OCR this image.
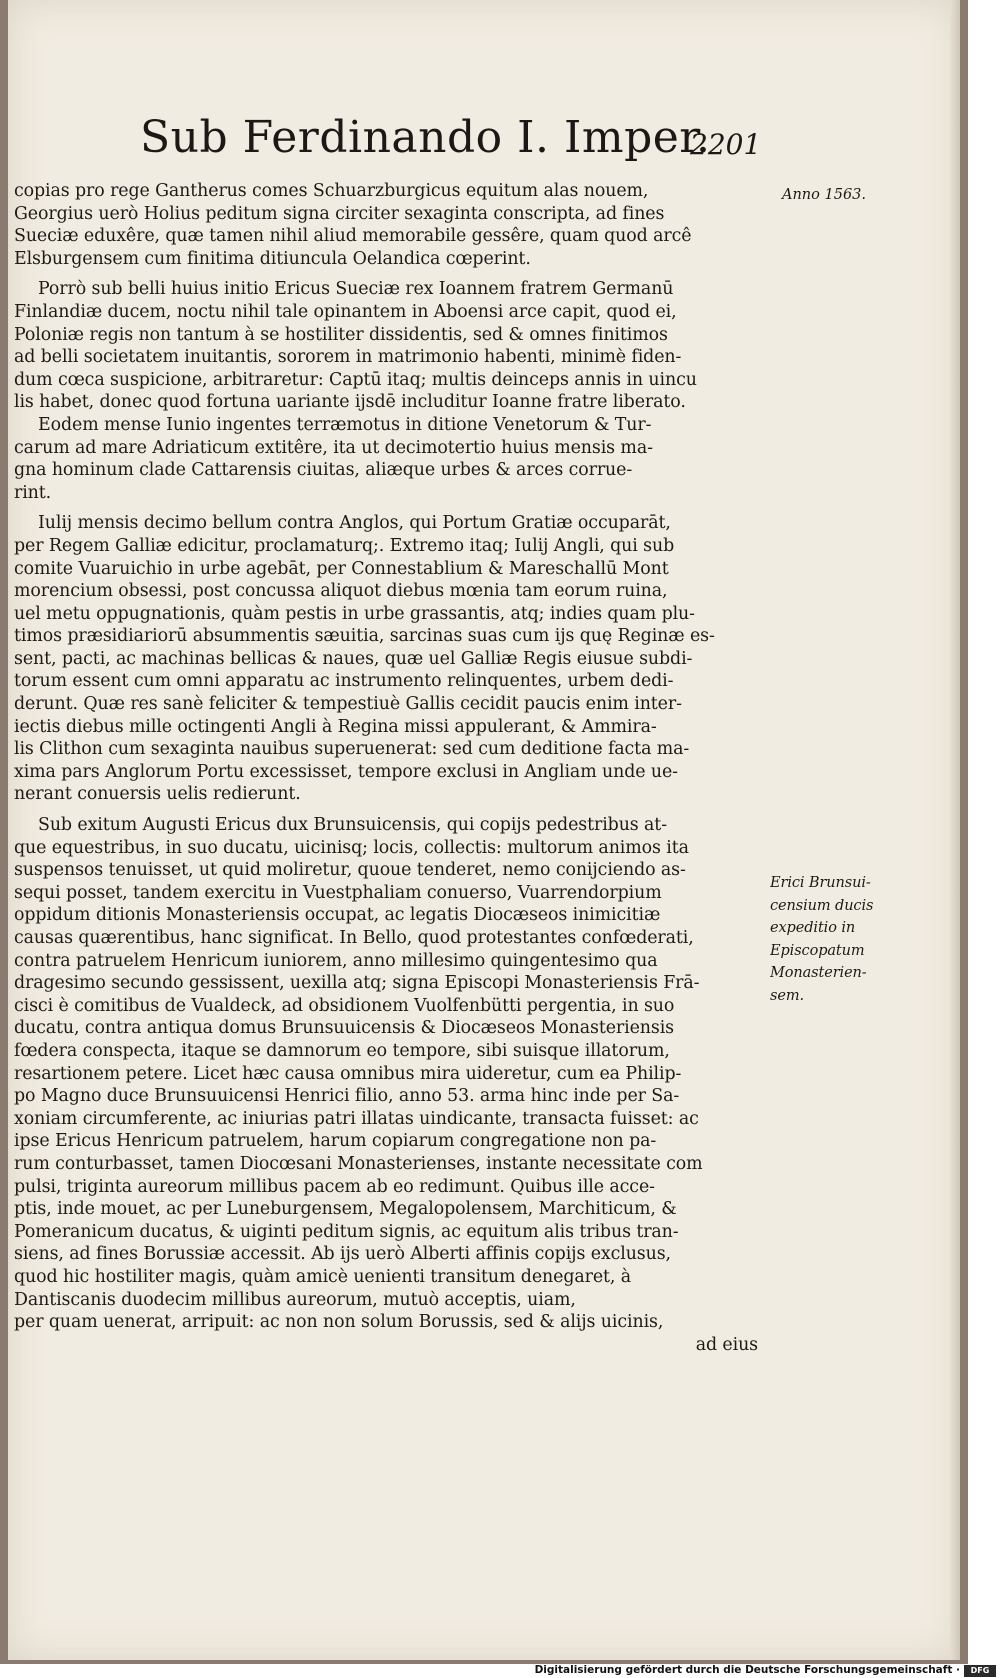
Sub Ferdinando I. Imper.
2201
Anno 1563.
Erici Brunsui-
censium ducis
expeditio in
Episcopatum
Monasterien-
sem.
copias pro rege Gantherus comes Schuarzburgicus equitum alas nouem,
Georgius uerò Holius peditum signa circiter sexaginta conscripta, ad fines
Sueciæ eduxêre, quæ tamen nihil aliud memorabile gessêre, quam quod arcê
Elsburgensem cum finitima ditiuncula Oelandica cœperint.
Porrò sub belli huius initio Ericus Sueciæ rex Ioannem fratrem Germanū
Finlandiæ ducem, noctu nihil tale opinantem in Aboensi arce capit, quod ei,
Poloniæ regis non tantum à se hostiliter dissidentis, sed & omnes finitimos
ad belli societatem inuitantis, sororem in matrimonio habenti, minimè fiden-
dum cœca suspicione, arbitraretur: Captū itaq; multis deinceps annis in uincu
lis habet, donec quod fortuna uariante ijsdē includitur Ioanne fratre liberato.
Eodem mense Iunio ingentes terræmotus in ditione Venetorum & Tur-
carum ad mare Adriaticum extitêre, ita ut decimotertio huius mensis ma-
gna hominum clade Cattarensis ciuitas, aliæque urbes & arces corrue-
rint.
Iulij mensis decimo bellum contra Anglos, qui Portum Gratiæ occuparāt,
per Regem Galliæ edicitur, proclamaturq;. Extremo itaq; Iulij Angli, qui sub
comite Vuaruichio in urbe agebāt, per Connestablium & Mareschallū Mont
morencium obsessi, post concussa aliquot diebus mœnia tam eorum ruina,
uel metu oppugnationis, quàm pestis in urbe grassantis, atq; indies quam plu-
timos præsidiariorū absummentis sæuitia, sarcinas suas cum ijs quę Reginæ es-
sent, pacti, ac machinas bellicas & naues, quæ uel Galliæ Regis eiusue subdi-
torum essent cum omni apparatu ac instrumento relinquentes, urbem dedi-
derunt. Quæ res sanè feliciter & tempestiuè Gallis cecidit paucis enim inter-
iectis diebus mille octingenti Angli à Regina missi appulerant, & Ammira-
lis Clithon cum sexaginta nauibus superuenerat: sed cum deditione facta ma-
xima pars Anglorum Portu excessisset, tempore exclusi in Angliam unde ue-
nerant conuersis uelis redierunt.
Sub exitum Augusti Ericus dux Brunsuicensis, qui copijs pedestribus at-
que equestribus, in suo ducatu, uicinisq; locis, collectis: multorum animos ita
suspensos tenuisset, ut quid moliretur, quoue tenderet, nemo conijciendo as-
sequi posset, tandem exercitu in Vuestphaliam conuerso, Vuarrendorpium
oppidum ditionis Monasteriensis occupat, ac legatis Diocæseos inimicitiæ
causas quærentibus, hanc significat. In Bello, quod protestantes confœderati,
contra patruelem Henricum iuniorem, anno millesimo quingentesimo qua
dragesimo secundo gessissent, uexilla atq; signa Episcopi Monasteriensis Frā-
cisci è comitibus de Vualdeck, ad obsidionem Vuolfenbütti pergentia, in suo
ducatu, contra antiqua domus Brunsuuicensis & Diocæseos Monasteriensis
fœdera conspecta, itaque se damnorum eo tempore, sibi suisque illatorum,
resartionem petere. Licet hæc causa omnibus mira uideretur, cum ea Philip-
po Magno duce Brunsuuicensi Henrici filio, anno 53. arma hinc inde per Sa-
xoniam circumferente, ac iniurias patri illatas uindicante, transacta fuisset: ac
ipse Ericus Henricum patruelem, harum copiarum congregatione non pa-
rum conturbasset, tamen Diocœsani Monasterienses, instante necessitate com
pulsi, triginta aureorum millibus pacem ab eo redimunt. Quibus ille acce-
ptis, inde mouet, ac per Luneburgensem, Megalopolensem, Marchiticum, &
Pomeranicum ducatus, & uiginti peditum signis, ac equitum alis tribus tran-
siens, ad fines Borussiæ accessit. Ab ijs uerò Alberti affinis copijs exclusus,
quod hic hostiliter magis, quàm amicè uenienti transitum denegaret, à
Dantiscanis duodecim millibus aureorum, mutuò acceptis, uiam,
per quam uenerat, arripuit: ac non non solum Borussis, sed & alijs uicinis,
ad eius
Digitalisierung gefördert durch die Deutsche Forschungsgemeinschaft ·	DFG
